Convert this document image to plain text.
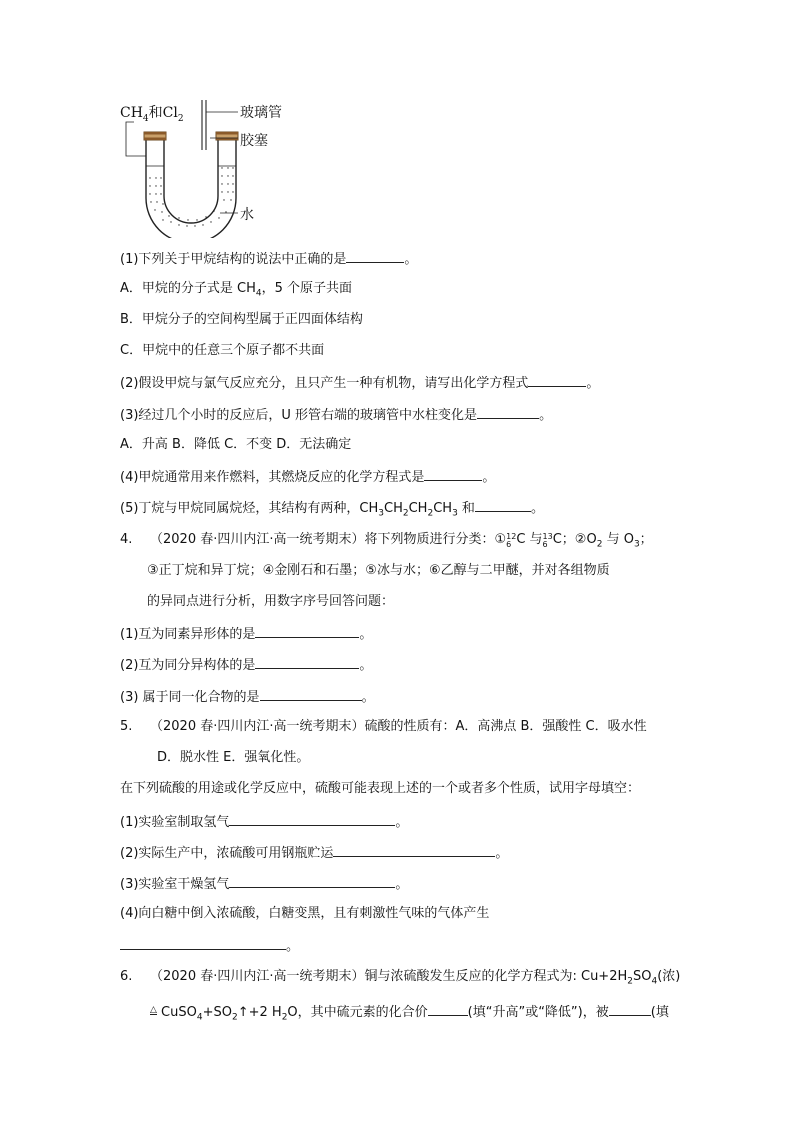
$CH_4$和$Cl_2$	玻璃管
胶塞
水
(1)下列关于甲烷结构的说法中正确的是	。
A．甲烷的分子式是 $CH_4$，5 个原子共面
B．甲烷分子的空间构型属于正四面体结构
C．甲烷中的任意三个原子都不共面
(2)假设甲烷与氯气反应充分，且只产生一种有机物，请写出化学方程式	。
(3)经过几个小时的反应后，U 形管右端的玻璃管中水柱变化是	。
A．升高 B．降低 C．不变 D．无法确定
(4)甲烷通常用来作燃料，其燃烧反应的化学方程式是	。
(5)丁烷与甲烷同属烷烃，其结构有两种，$CH_3CH_2CH_2CH_3$ 和	。
4. （2020 春·四川内江·高一统考期末）将下列物质进行分类：①12
6 C 与13
6 C；$②O_2$ 与 $O_3$；
③正丁烷和异丁烷；④金刚石和石墨；⑤冰与水；⑥乙醇与二甲醚，并对各组物质
的异同点进行分析，用数字序号回答问题：
(1)互为同素异形体的是	。
(2)互为同分异构体的是	。
(3) 属于同一化合物的是	。
5. （2020 春·四川内江·高一统考期末）硫酸的性质有：A．高沸点 B．强酸性 C．吸水性
D．脱水性 E．强氧化性。
在下列硫酸的用途或化学反应中，硫酸可能表现上述的一个或者多个性质，试用字母填空：
(1)实验室制取氢气	。
(2)实际生产中，浓硫酸可用钢瓶贮运	。
(3)实验室干燥氢气	。
(4)向白糖中倒入浓硫酸，白糖变黑，且有刺激性气味的气体产生
。
6. （2020 春·四川内江·高一统考期末）铜与浓硫酸发生反应的化学方程式为: $Cu+2H_2SO_4$(浓)
△ $CuSO_4+SO_2↑+2$ $H_2O$，其中硫元素的化合价	(填“升高”或“降低”)，被	(填
